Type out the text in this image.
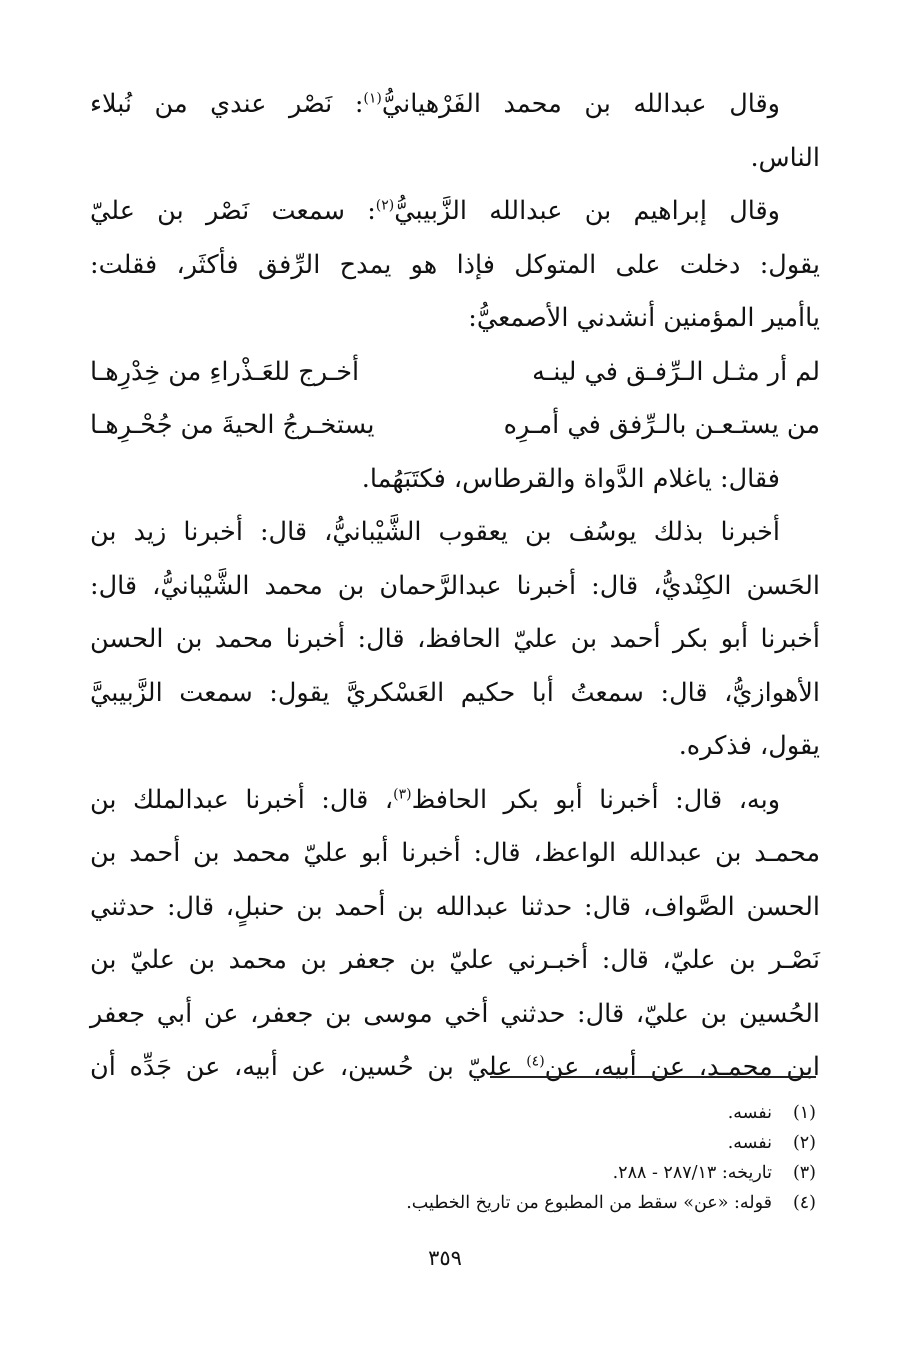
وقال عبدالله بن محمد الفَرْهيانيُّ$^{(١)}$: نَصْر عندي من نُبلاء
الناس.
وقال إبراهيم بن عبدالله الزَّبيبيُّ$^{(٢)}$: سمعت نَصْر بن عليّ
يقول: دخلت على المتوكل فإذا هو يمدح الرِّفق فأكثَر، فقلت:
ياأمير المؤمنين أنشدني الأصمعيُّ:
لم أر مثـل الـرِّفـق في لينـه
أخـرج للعَـذْراءِ من خِدْرِهـا
من يستـعـن بالـرِّفق في أمـرِه
يستخـرجُ الحيةَ من جُحْـرِهـا
فقال: ياغلام الدَّواة والقرطاس، فكتَبَهُما.
أخبرنا بذلك يوسُف بن يعقوب الشَّيْبانيُّ، قال: أخبرنا زيد بن
الحَسن الكِنْديُّ، قال: أخبرنا عبدالرَّحمان بن محمد الشَّيْبانيُّ، قال:
أخبرنا أبو بكر أحمد بن عليّ الحافظ، قال: أخبرنا محمد بن الحسن
الأهوازيُّ، قال: سمعتُ أبا حكيم العَسْكريَّ يقول: سمعت الزَّبيبيَّ
يقول، فذكره.
وبه، قال: أخبرنا أبو بكر الحافظ$^{(٣)}$، قال: أخبرنا عبدالملك بن
محمـد بن عبدالله الواعظ، قال: أخبرنا أبو عليّ محمد بن أحمد بن
الحسن الصَّواف، قال: حدثنا عبدالله بن أحمد بن حنبلٍ، قال: حدثني
نَصْـر بن عليّ، قال: أخبـرني عليّ بن جعفر بن محمد بن عليّ بن
الحُسين بن عليّ، قال: حدثني أخي موسى بن جعفر، عن أبي جعفر
ابن محمـد، عن أبيه، عن$^{(٤)}$ عليّ بن حُسين، عن أبيه، عن جَدِّه أن
(١)نفسه.
(٢)نفسه.
(٣)تاريخه: ٢٨٧/١٣ - ٢٨٨.
(٤)قوله: «عن» سقط من المطبوع من تاريخ الخطيب.
٣٥٩
